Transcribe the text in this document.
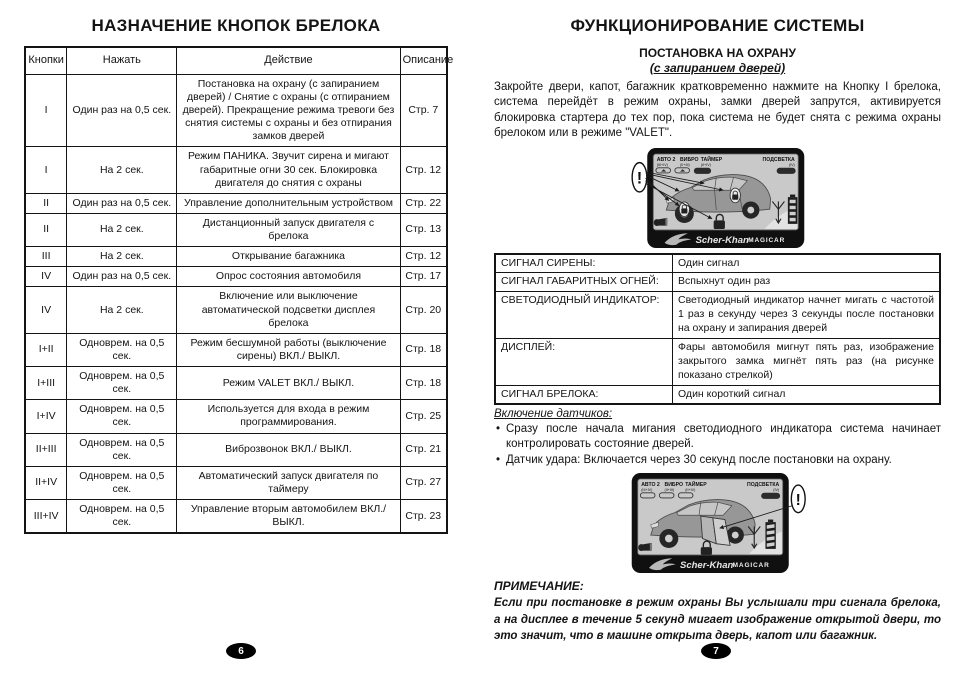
НАЗНАЧЕНИЕ КНОПОК БРЕЛОКА
Кнопки	Нажать	Действие	Описание
I	Один раз на 0,5 сек.	Постановка на охрану (с запиранием дверей) / Снятие с охраны (с отпиранием дверей). Прекращение режима тревоги без снятия системы с охраны и без отпирания замков дверей	Стр. 7
I	На 2 сек.	Режим ПАНИКА. Звучит сирена и мигают габаритные огни 30 сек. Блокировка двигателя до снятия с охраны	Стр. 12
II	Один раз на 0,5 сек.	Управление дополнительным устройством	Стр. 22
II	На 2 сек.	Дистанционный запуск двигателя с брелока	Стр. 13
III	На 2 сек.	Открывание багажника	Стр. 12
IV	Один раз на 0,5 сек.	Опрос состояния автомобиля	Стр. 17
IV	На 2 сек.	Включение или выключение автоматической подсветки дисплея брелока	Стр. 20
I+II	Одноврем. на 0,5 сек.	Режим бесшумной работы (выключение сирены) ВКЛ./ ВЫКЛ.	Стр. 18
I+III	Одноврем. на 0,5 сек.	Режим VALET ВКЛ./ ВЫКЛ.	Стр. 18
I+IV	Одноврем. на 0,5 сек.	Используется для входа в режим программирования.	Стр. 25
II+III	Одноврем. на 0,5 сек.	Виброзвонок ВКЛ./ ВЫКЛ.	Стр. 21
II+IV	Одноврем. на 0,5 сек.	Автоматический запуск двигателя по таймеру	Стр. 27
III+IV	Одноврем. на 0,5 сек.	Управление вторым автомобилем ВКЛ./ВЫКЛ.	Стр. 23
ФУНКЦИОНИРОВАНИЕ СИСТЕМЫ
ПОСТАНОВКА НА ОХРАНУ
(с запиранием дверей)
Закройте двери, капот, багажник кратковременно нажмите на Кнопку I брелока, система перейдёт в режим охраны, замки дверей запрутся, активируется блокировка стартера до тех пор, пока система не будет снята с режима охраны брелоком или в режиме "VALET".
АВТО 2
(III+IV)
ВИБРО
(II+III)
ТАЙМЕР
(II+IV)
ПОДСВЕТКА
(IV)
!
Scher-Khan MAGICAR
СИГНАЛ СИРЕНЫ:	Один сигнал
СИГНАЛ ГАБАРИТНЫХ ОГНЕЙ:	Вспыхнут один раз
СВЕТОДИОДНЫЙ ИНДИКАТОР:	Светодиодный индикатор начнет мигать с частотой 1 раз в секунду через 3 секунды после постановки на охрану и запирания дверей
ДИСПЛЕЙ:	Фары автомобиля мигнут пять раз, изображение закрытого замка мигнёт пять раз (на рисунке показано стрелкой)
СИГНАЛ БРЕЛОКА:	Один короткий сигнал
Включение датчиков:
• Сразу после начала мигания светодиодного индикатора система начинает контролировать состояние дверей.
• Датчик удара: Включается через 30 секунд после постановки на охрану.
АВТО 2
(III+IV)
ВИБРО
(II+III)
ТАЙМЕР
(II+IV)
ПОДСВЕТКА
(IV)
!
Scher-Khan MAGICAR
ПРИМЕЧАНИЕ:
Если при постановке в режим охраны Вы услышали три сигнала брелока, а на дисплее в течение 5 секунд мигает изображение открытой двери, то это значит, что в машине открыта дверь, капот или багажник.
6	7
